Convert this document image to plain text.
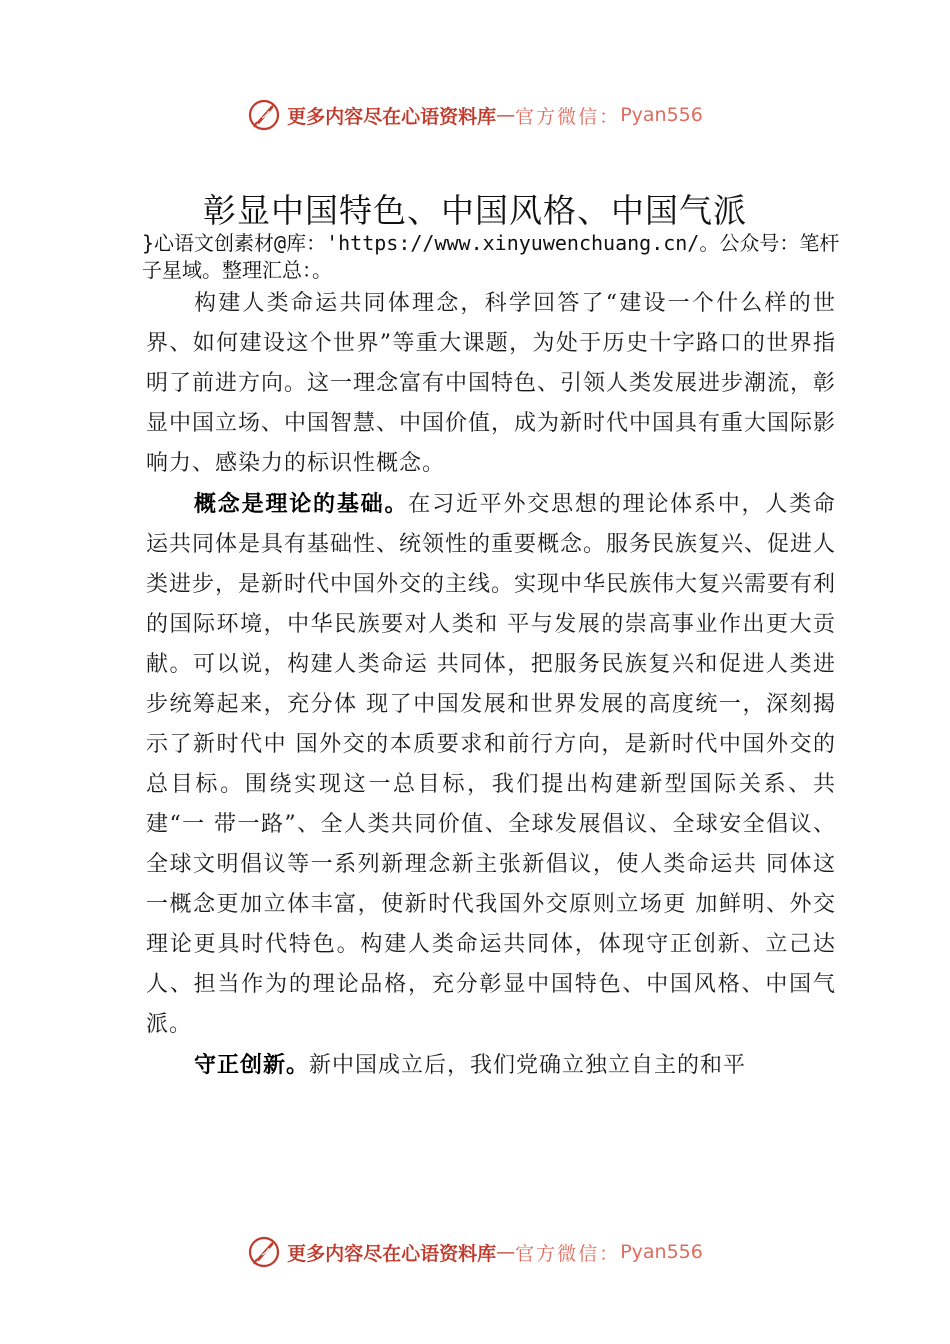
更多内容尽在心语资料库 — 官方微信： Pyan556
彰显中国特色、中国风格、中国气派

}心语文创素材@库：'https://www.xinyuwenchuang.cn/。公众号：笔杆子星域。整理汇总：。

构建人类命运共同体理念，科学回答了“建设一个什么样的世界、如何建设这个世界”等重大课题，为处于历史十字路口的世界指明了前进方向。这一理念富有中国特色、引领人类发展进步潮流，彰显中国立场、中国智慧、中国价值，成为新时代中国具有重大国际影响力、感染力的标识性概念。

概念是理论的基础。在习近平外交思想的理论体系中，人类命运共同体是具有基础性、统领性的重要概念。服务民族复兴、促进人类进步，是新时代中国外交的主线。实现中华民族伟大复兴需要有利的国际环境，中华民族要对人类和 平与发展的崇高事业作出更大贡献。可以说，构建人类命运 共同体，把服务民族复兴和促进人类进步统筹起来，充分体 现了中国发展和世界发展的高度统一，深刻揭示了新时代中 国外交的本质要求和前行方向，是新时代中国外交的总目标。围绕实现这一总目标，我们提出构建新型国际关系、共建“一 带一路”、全人类共同价值、全球发展倡议、全球安全倡议、全球文明倡议等一系列新理念新主张新倡议，使人类命运共 同体这一概念更加立体丰富，使新时代我国外交原则立场更 加鲜明、外交理论更具时代特色。构建人类命运共同体，体现守正创新、立己达人、担当作为的理论品格，充分彰显中国特色、中国风格、中国气派。

守正创新。新中国成立后，我们党确立独立自主的和平

更多内容尽在心语资料库 — 官方微信： Pyan556
